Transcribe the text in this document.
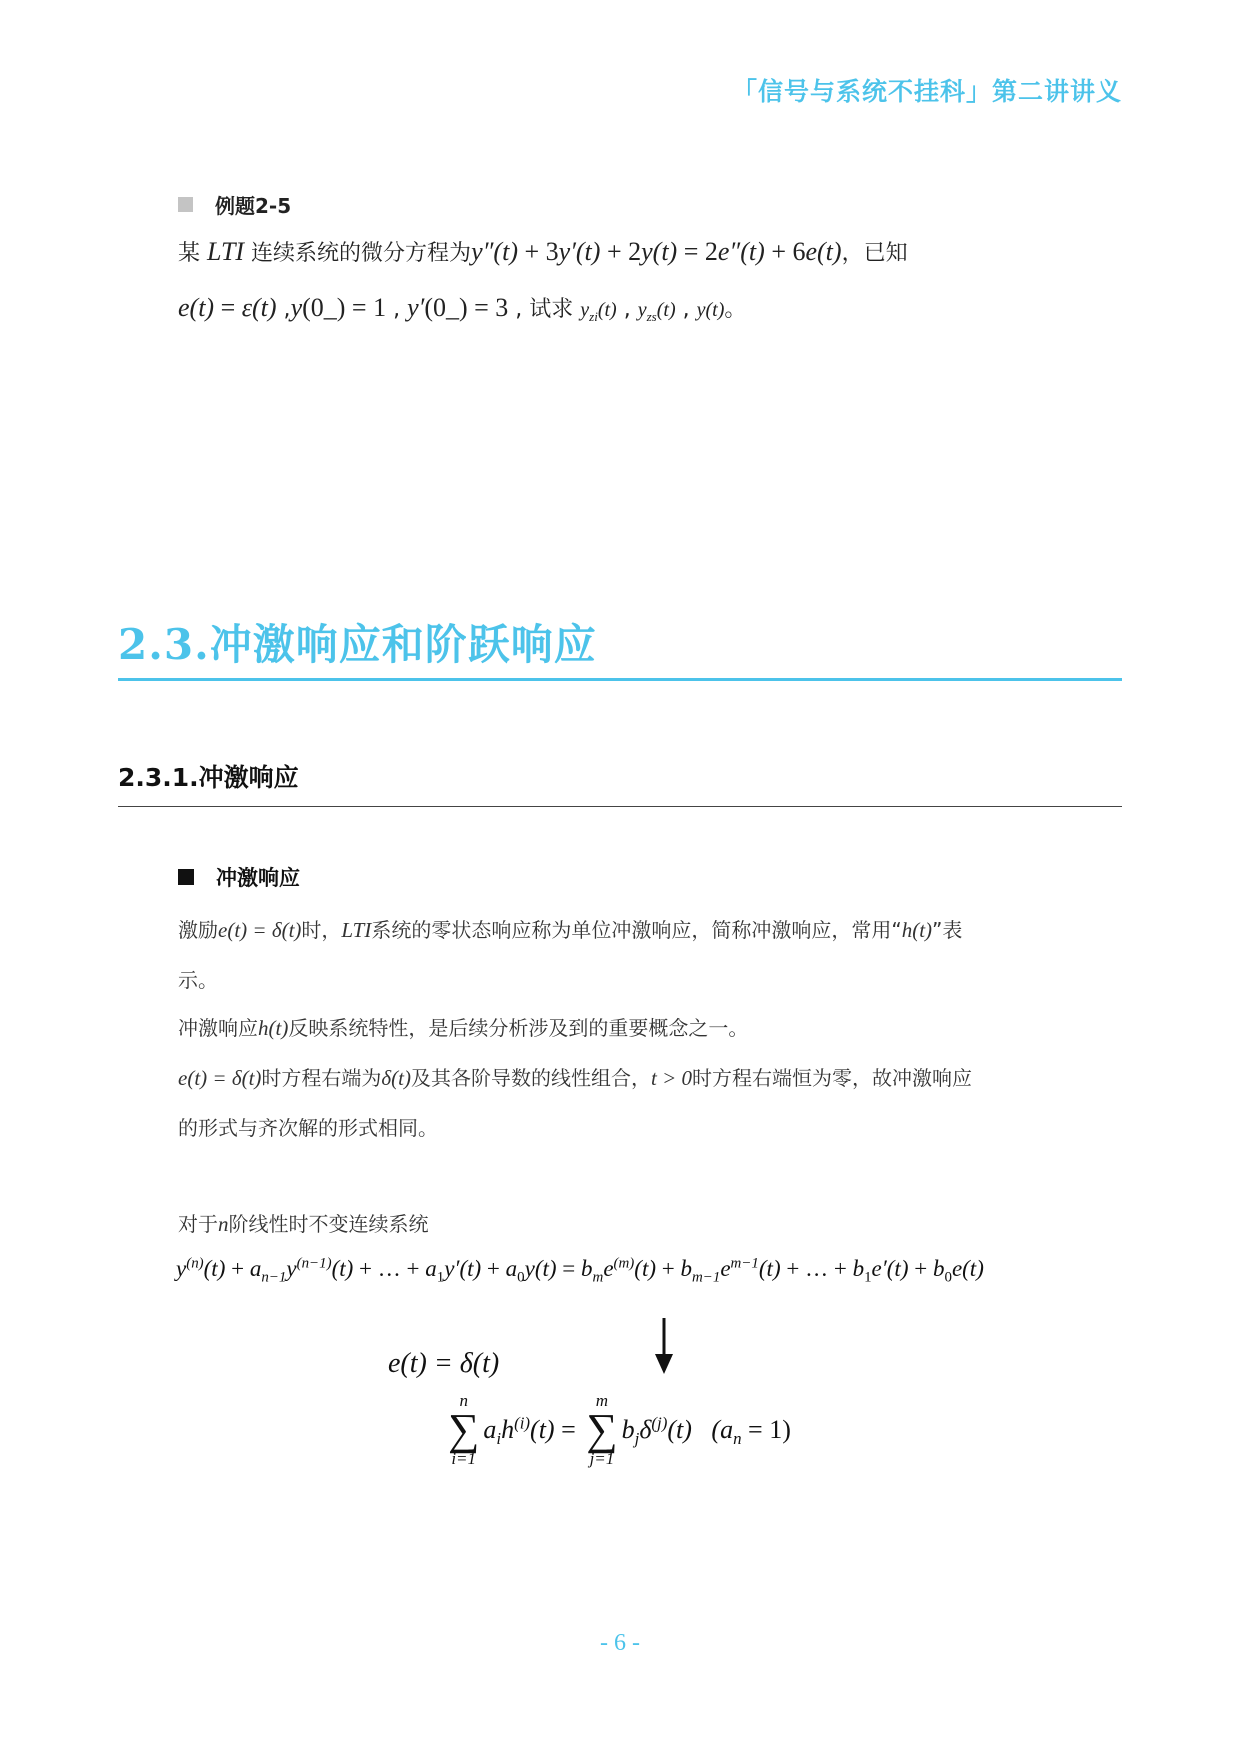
「信号与系统不挂科」第二讲讲义
例题2-5
某 LTI 连续系统的微分方程为y″(t) + 3y′(t) + 2y(t) = 2e″(t) + 6e(t)，已知
e(t) = ε(t) ,y(0_) = 1 , y′(0_) = 3 , 试求 $y_{zi}(t)$ , $y_{zs}(t)$ , y(t)。
2.3.冲激响应和阶跃响应
2.3.1.冲激响应
冲激响应
激励e(t) = δ(t)时，LTI系统的零状态响应称为单位冲激响应，简称冲激响应，常用“h(t)”表
示。
冲激响应h(t)反映系统特性，是后续分析涉及到的重要概念之一。
e(t) = δ(t)时方程右端为δ(t)及其各阶导数的线性组合，t > 0时方程右端恒为零，故冲激响应
的形式与齐次解的形式相同。
对于n阶线性时不变连续系统
$y^{(n)}(t) + a_{n-1}y^{(n-1)}(t)$ + … + $a_1y'(t) + a_0y(t) = b_me^{(m)}(t) + b_{m-1}e^{m-1}(t)$ + … + $b_1e'(t) + b_0e(t)$
e(t) = δ(t)
n
∑
i=1
$a_ih^{(i)}(t)$ =
m
∑
j=1
$b_j\delta^{(j)}(t) (a_n = 1)$
- 6 -
